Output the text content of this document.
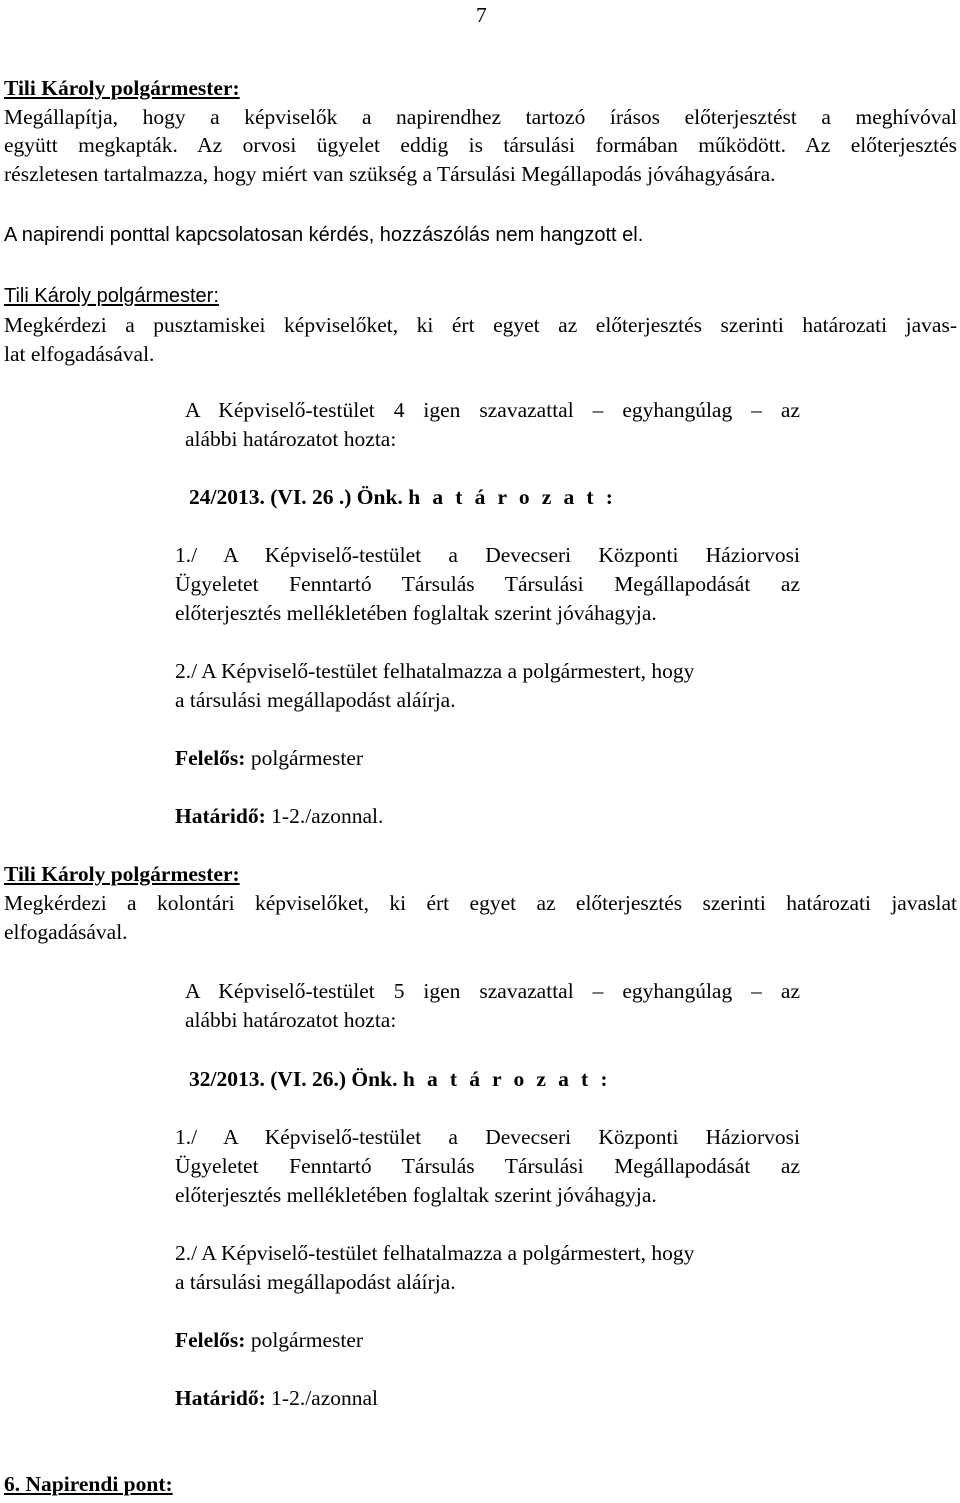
7
Tili Károly polgármester:
Megállapítja, hogy a képviselők a napirendhez tartozó írásos előterjesztést a meghívóval
együtt megkapták. Az orvosi ügyelet eddig is társulási formában működött. Az előterjesztés
részletesen tartalmazza, hogy miért van szükség a Társulási Megállapodás jóváhagyására.
A napirendi ponttal kapcsolatosan kérdés, hozzászólás nem hangzott el.
Tili Károly polgármester:
Megkérdezi a pusztamiskei képviselőket, ki ért egyet az előterjesztés szerinti határozati javas-
lat elfogadásával.
A Képviselő-testület 4 igen szavazattal – egyhangúlag – az
alábbi határozatot hozta:
24/2013. (VI. 26 .) Önk. h a t á r o z a t :
1./ A Képviselő-testület a Devecseri Központi Háziorvosi
Ügyeletet Fenntartó Társulás Társulási Megállapodását az
előterjesztés mellékletében foglaltak szerint jóváhagyja.
2./ A Képviselő-testület felhatalmazza a polgármestert, hogy
a társulási megállapodást aláírja.
Felelős: polgármester
Határidő: 1-2./azonnal.
Tili Károly polgármester:
Megkérdezi a kolontári képviselőket, ki ért egyet az előterjesztés szerinti határozati javaslat
elfogadásával.
A Képviselő-testület 5 igen szavazattal – egyhangúlag – az
alábbi határozatot hozta:
32/2013. (VI. 26.) Önk. h a t á r o z a t :
1./ A Képviselő-testület a Devecseri Központi Háziorvosi
Ügyeletet Fenntartó Társulás Társulási Megállapodását az
előterjesztés mellékletében foglaltak szerint jóváhagyja.
2./ A Képviselő-testület felhatalmazza a polgármestert, hogy
a társulási megállapodást aláírja.
Felelős: polgármester
Határidő: 1-2./azonnal
6. Napirendi pont:
